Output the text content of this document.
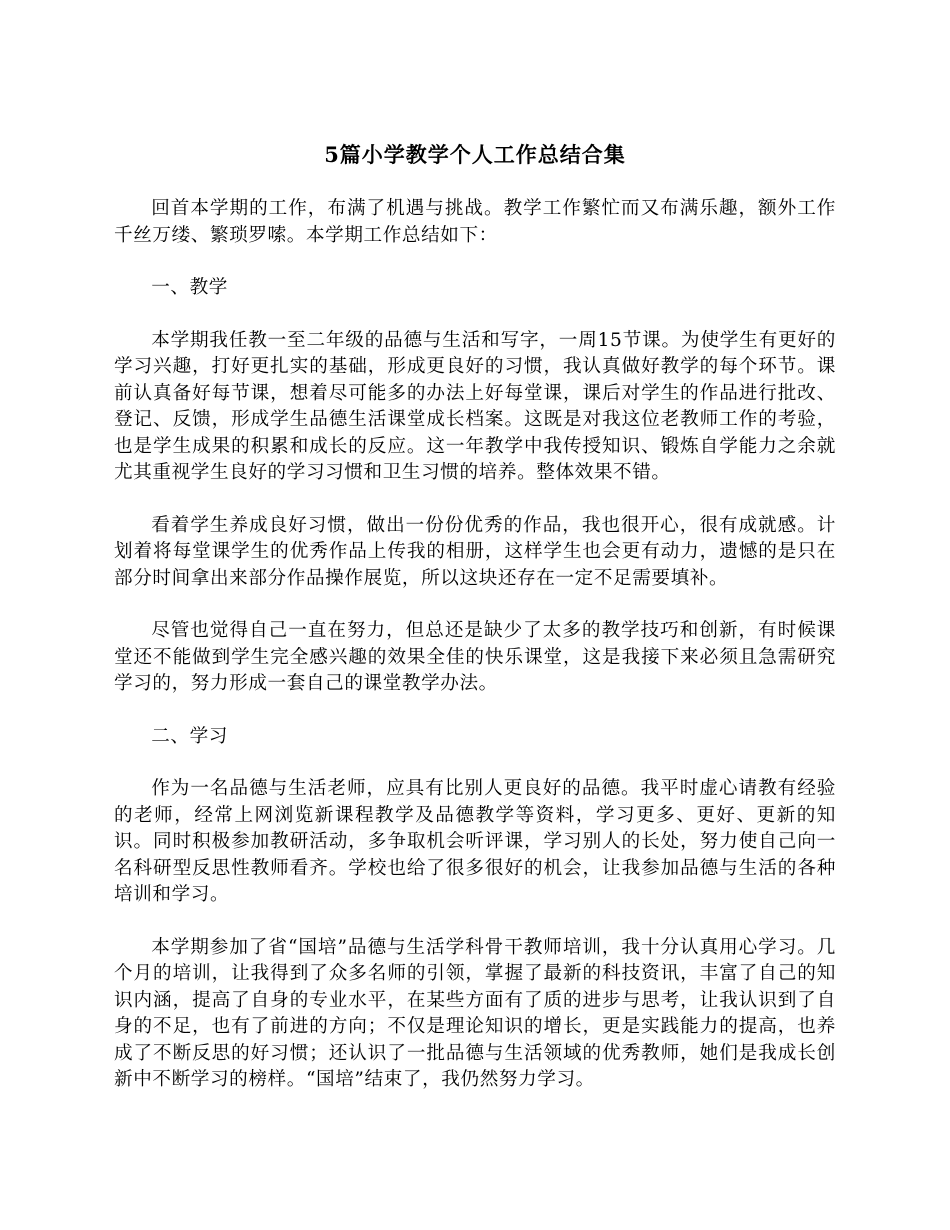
5篇小学教学个人工作总结合集

回首本学期的工作，布满了机遇与挑战。教学工作繁忙而又布满乐趣，额外工作千丝万缕、繁琐罗嗦。本学期工作总结如下：

一、教学

本学期我任教一至二年级的品德与生活和写字，一周15节课。为使学生有更好的学习兴趣，打好更扎实的基础，形成更良好的习惯，我认真做好教学的每个环节。课前认真备好每节课，想着尽可能多的办法上好每堂课，课后对学生的作品进行批改、登记、反馈，形成学生品德生活课堂成长档案。这既是对我这位老教师工作的考验，也是学生成果的积累和成长的反应。这一年教学中我传授知识、锻炼自学能力之余就尤其重视学生良好的学习习惯和卫生习惯的培养。整体效果不错。

看着学生养成良好习惯，做出一份份优秀的作品，我也很开心，很有成就感。计划着将每堂课学生的优秀作品上传我的相册，这样学生也会更有动力，遗憾的是只在部分时间拿出来部分作品操作展览，所以这块还存在一定不足需要填补。

尽管也觉得自己一直在努力，但总还是缺少了太多的教学技巧和创新，有时候课堂还不能做到学生完全感兴趣的效果全佳的快乐课堂，这是我接下来必须且急需研究学习的，努力形成一套自己的课堂教学办法。

二、学习

作为一名品德与生活老师，应具有比别人更良好的品德。我平时虚心请教有经验的老师，经常上网浏览新课程教学及品德教学等资料，学习更多、更好、更新的知识。同时积极参加教研活动，多争取机会听评课，学习别人的长处，努力使自己向一名科研型反思性教师看齐。学校也给了很多很好的机会，让我参加品德与生活的各种培训和学习。

本学期参加了省“国培”品德与生活学科骨干教师培训，我十分认真用心学习。几个月的培训，让我得到了众多名师的引领，掌握了最新的科技资讯，丰富了自己的知识内涵，提高了自身的专业水平，在某些方面有了质的进步与思考，让我认识到了自身的不足，也有了前进的方向；不仅是理论知识的增长，更是实践能力的提高，也养成了不断反思的好习惯；还认识了一批品德与生活领域的优秀教师，她们是我成长创新中不断学习的榜样。“国培”结束了，我仍然努力学习。
